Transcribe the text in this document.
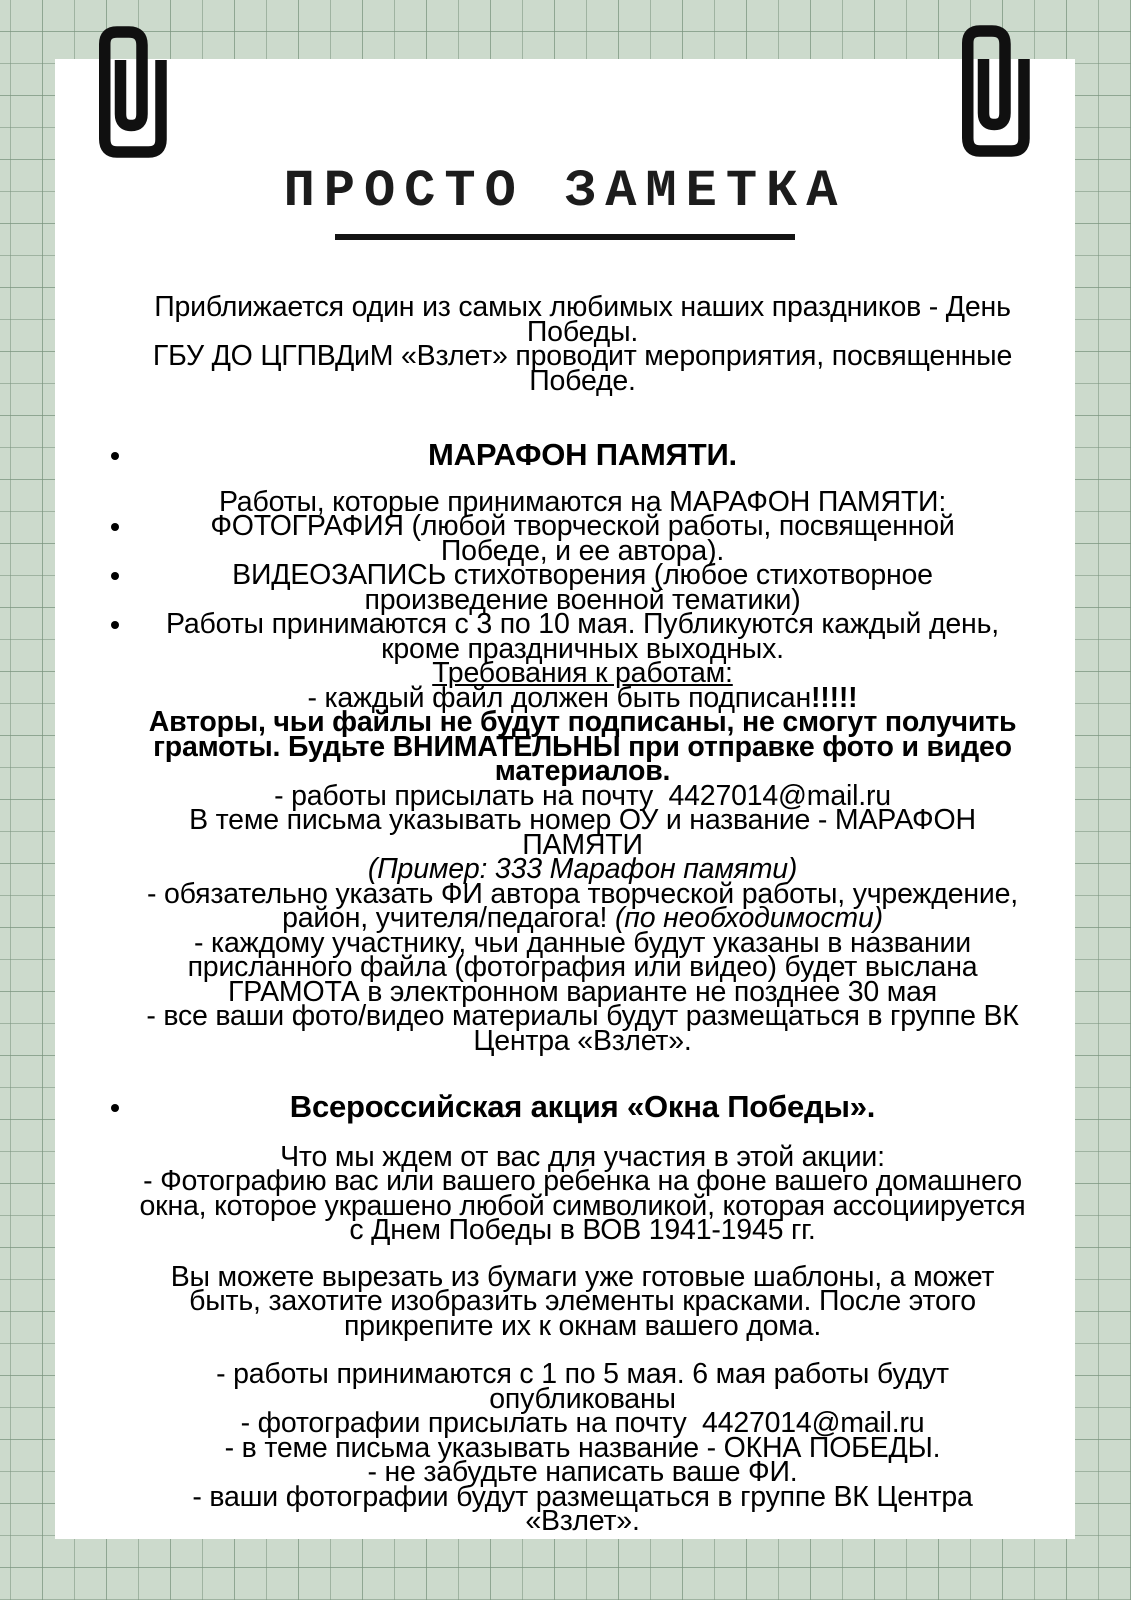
ПРОСТО ЗАМЕТКА
Приближается один из самых любимых наших праздников - День
Победы.
ГБУ ДО ЦГПВДиМ «Взлет» проводит мероприятия, посвященные
Победе.
МАРАФОН ПАМЯТИ.
Работы, которые принимаются на МАРАФОН ПАМЯТИ:
ФОТОГРАФИЯ (любой творческой работы, посвященной
Победе, и ее автора).
ВИДЕОЗАПИСЬ стихотворения (любое стихотворное
произведение военной тематики)
Работы принимаются с 3 по 10 мая. Публикуются каждый день,
кроме праздничных выходных.
Требования к работам:
- каждый файл должен быть подписан!!!!!
Авторы, чьи файлы не будут подписаны, не смогут получить
грамоты. Будьте ВНИМАТЕЛЬНЫ при отправке фото и видео
материалов.
- работы присылать на почту  4427014@mail.ru
В теме письма указывать номер ОУ и название - МАРАФОН
ПАМЯТИ
(Пример: 333 Марафон памяти)
- обязательно указать ФИ автора творческой работы, учреждение,
район, учителя/педагога! (по необходимости)
- каждому участнику, чьи данные будут указаны в названии
присланного файла (фотография или видео) будет выслана
ГРАМОТА в электронном варианте не позднее 30 мая
- все ваши фото/видео материалы будут размещаться в группе ВК
Центра «Взлет».
Всероссийская акция «Окна Победы».
Что мы ждем от вас для участия в этой акции:
- Фотографию вас или вашего ребенка на фоне вашего домашнего
окна, которое украшено любой символикой, которая ассоциируется
с Днем Победы в ВОВ 1941-1945 гг.
Вы можете вырезать из бумаги уже готовые шаблоны, а может
быть, захотите изобразить элементы красками. После этого
прикрепите их к окнам вашего дома.
- работы принимаются с 1 по 5 мая. 6 мая работы будут
опубликованы
- фотографии присылать на почту  4427014@mail.ru
- в теме письма указывать название - ОКНА ПОБЕДЫ.
- не забудьте написать ваше ФИ.
- ваши фотографии будут размещаться в группе ВК Центра
«Взлет».
